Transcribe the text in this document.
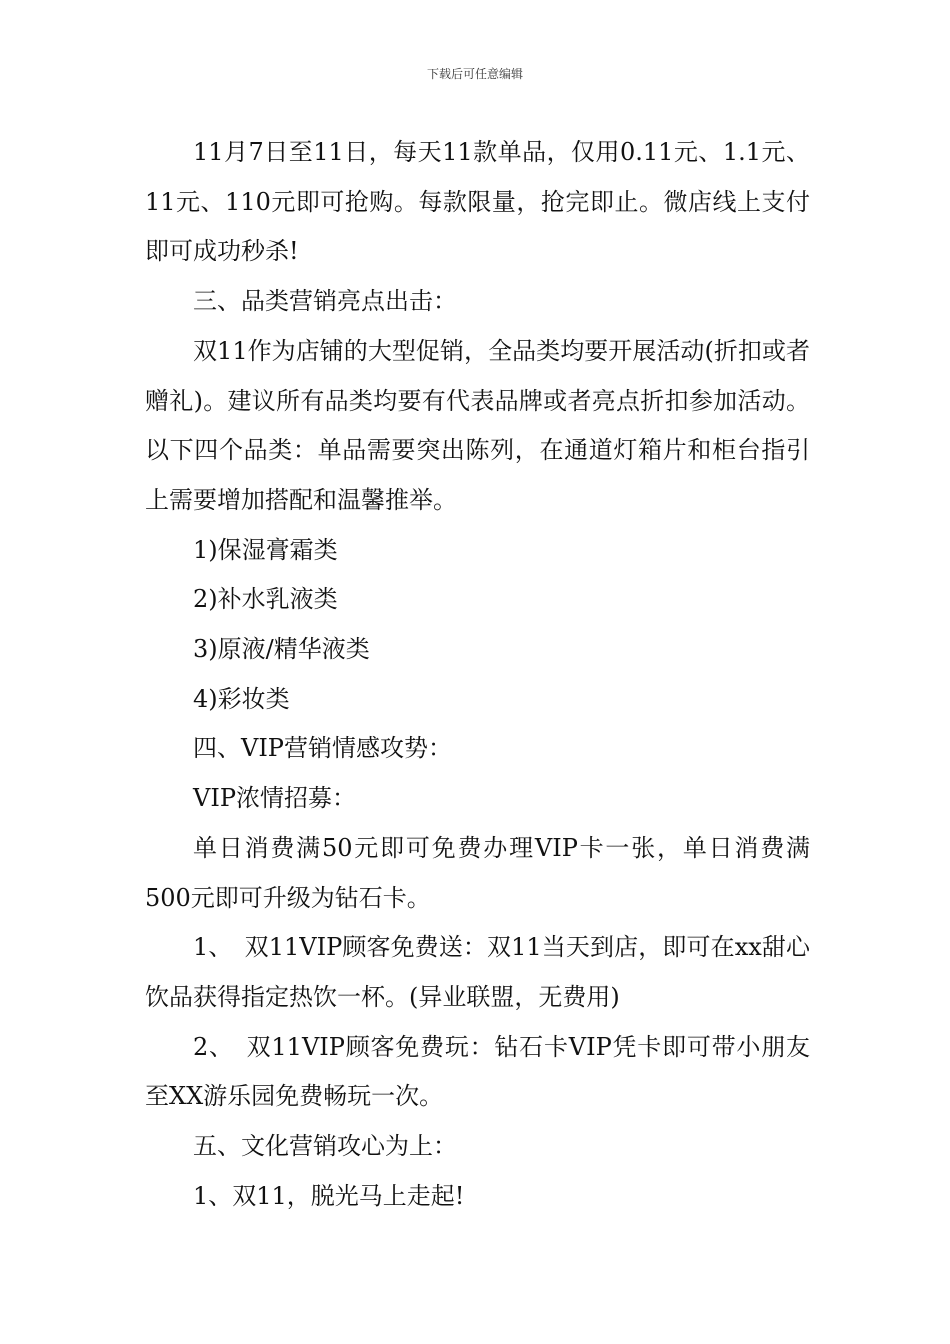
下载后可任意编辑

11月7日至11日，每天11款单品，仅用0.11元、1.1元、11元、110元即可抢购。每款限量，抢完即止。微店线上支付即可成功秒杀!

三、品类营销亮点出击：

双11作为店铺的大型促销，全品类均要开展活动(折扣或者赠礼)。建议所有品类均要有代表品牌或者亮点折扣参加活动。以下四个品类：单品需要突出陈列，在通道灯箱片和柜台指引上需要增加搭配和温馨推举。

1)保湿膏霜类

2)补水乳液类

3)原液/精华液类

4)彩妆类

四、VIP营销情感攻势：

VIP浓情招募：

单日消费满50元即可免费办理VIP卡一张，单日消费满500元即可升级为钻石卡。

1、　双11VIP顾客免费送：双11当天到店，即可在xx甜心饮品获得指定热饮一杯。(异业联盟，无费用)

2、　双11VIP顾客免费玩：钻石卡VIP凭卡即可带小朋友至XX游乐园免费畅玩一次。

五、文化营销攻心为上：

1、双11，脱光马上走起!
